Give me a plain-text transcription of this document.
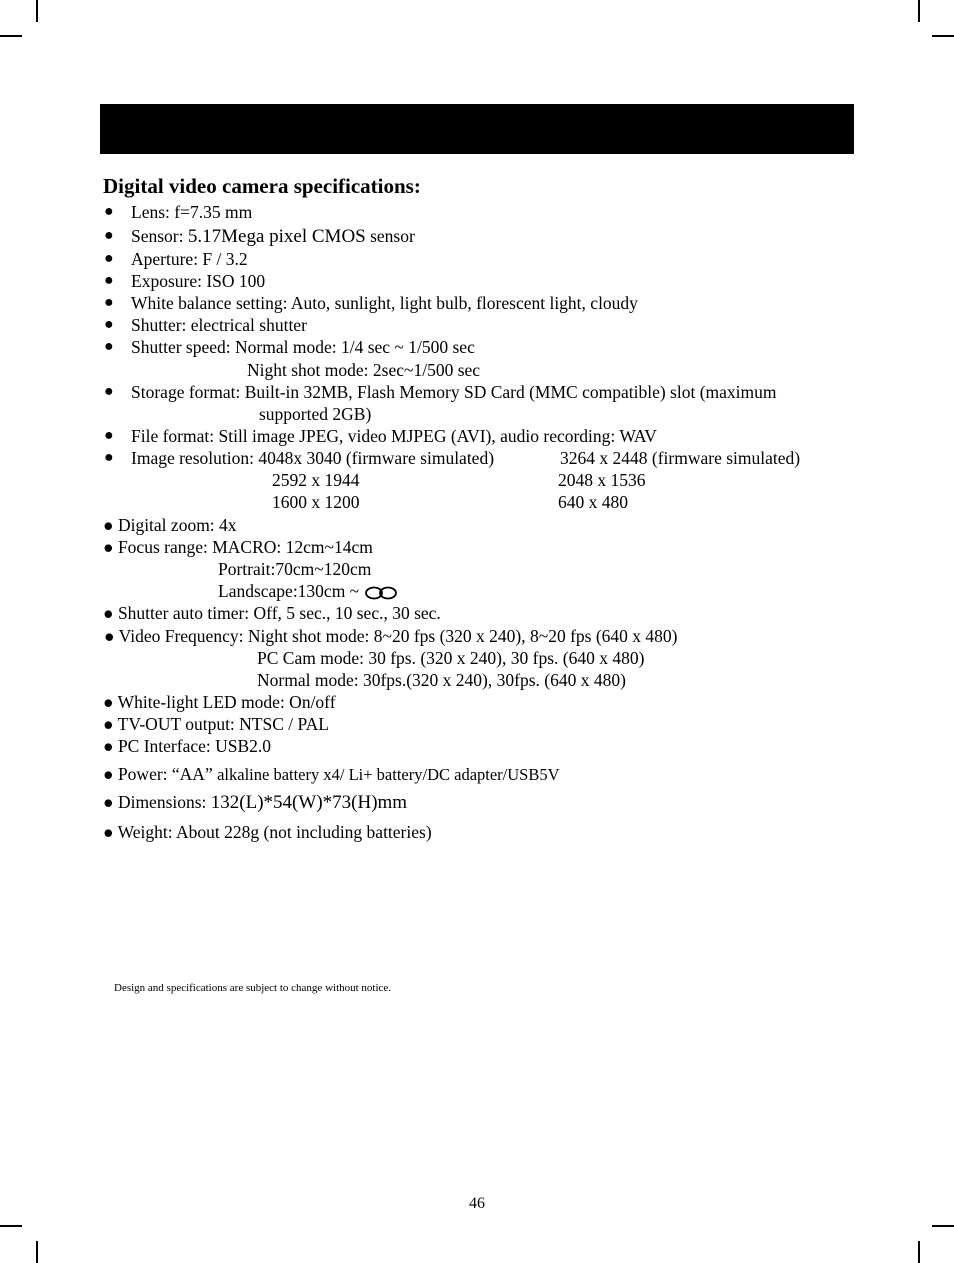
Digital video camera specifications:
● Lens: f=7.35 mm
● Sensor: 5.17Mega pixel CMOS sensor
● Aperture: F / 3.2
● Exposure: ISO 100
● White balance setting: Auto, sunlight, light bulb, florescent light, cloudy
● Shutter: electrical shutter
● Shutter speed: Normal mode: 1/4 sec ~ 1/500 sec
Night shot mode: 2sec~1/500 sec
● Storage format: Built-in 32MB, Flash Memory SD Card (MMC compatible) slot (maximum
supported 2GB)
● File format: Still image JPEG, video MJPEG (AVI), audio recording: WAV
● Image resolution: 4048x 3040 (firmware simulated)	3264 x 2448 (firmware simulated)
2592 x 1944	2048 x 1536
1600 x 1200	640 x 480
● Digital zoom: 4x
● Focus range: MACRO: 12cm~14cm
Portrait:70cm~120cm
Landscape:130cm ~
● Shutter auto timer: Off, 5 sec., 10 sec., 30 sec.
● Video Frequency: Night shot mode: 8~20 fps (320 x 240), 8~20 fps (640 x 480)
PC Cam mode: 30 fps. (320 x 240), 30 fps. (640 x 480)
Normal mode: 30fps.(320 x 240), 30fps. (640 x 480)
● White-light LED mode: On/off
● TV-OUT output: NTSC / PAL
● PC Interface: USB2.0
● Power: “AA” alkaline battery x4/ Li+ battery/DC adapter/USB5V
● Dimensions: 132(L)*54(W)*73(H)mm
● Weight: About 228g (not including batteries)
Design and specifications are subject to change without notice.
46
